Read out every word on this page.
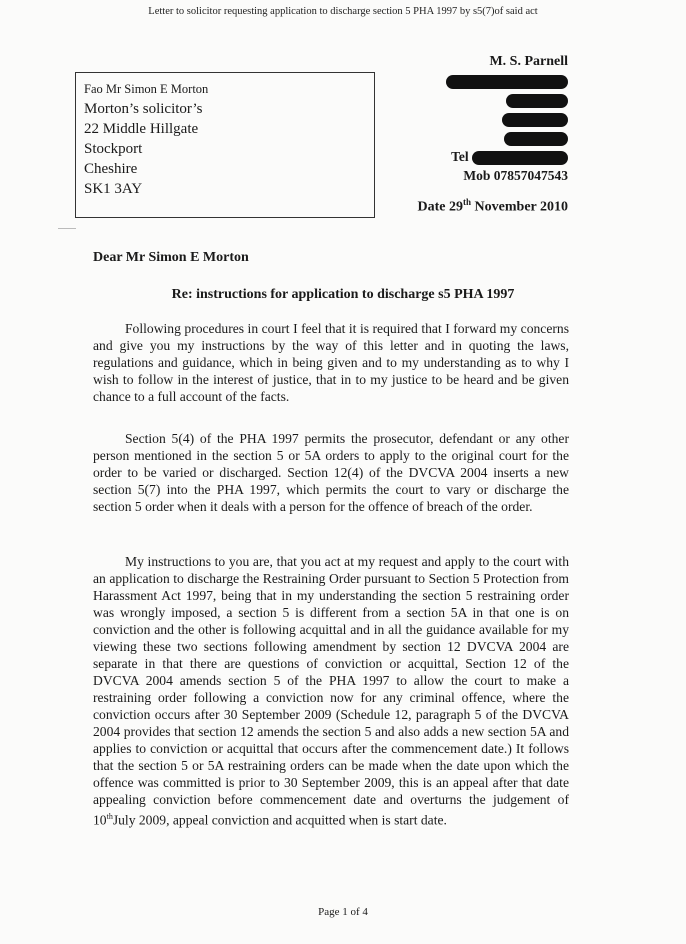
Letter to solicitor requesting application to discharge section 5 PHA 1997 by s5(7)of said act
M. S. Parnell
Tel
Mob 07857047543
Fao Mr Simon E Morton
Morton’s solicitor’s
22 Middle Hillgate
Stockport
Cheshire
SK1 3AY
Date 29th November 2010
Dear Mr Simon E Morton
Re: instructions for application to discharge s5 PHA 1997

Following procedures in court I feel that it is required that I forward my concerns and give you my instructions by the way of this letter and in quoting the laws, regulations and guidance, which in being given and to my understanding as to why I wish to follow in the interest of justice, that in to my justice to be heard and be given chance to a full account of the facts.

Section 5(4) of the PHA 1997 permits the prosecutor, defendant or any other person mentioned in the section 5 or 5A orders to apply to the original court for the order to be varied or discharged. Section 12(4) of the DVCVA 2004 inserts a new section 5(7) into the PHA 1997, which permits the court to vary or discharge the section 5 order when it deals with a person for the offence of breach of the order.

My instructions to you are, that you act at my request and apply to the court with an application to discharge the Restraining Order pursuant to Section 5 Protection from Harassment Act 1997, being that in my understanding the section 5 restraining order was wrongly imposed, a section 5 is different from a section 5A in that one is on conviction and the other is following acquittal and in all the guidance available for my viewing these two sections following amendment by section 12 DVCVA 2004 are separate in that there are questions of conviction or acquittal, Section 12 of the DVCVA 2004 amends section 5 of the PHA 1997 to allow the court to make a restraining order following a conviction now for any criminal offence, where the conviction occurs after 30 September 2009 (Schedule 12, paragraph 5 of the DVCVA 2004 provides that section 12 amends the section 5 and also adds a new section 5A and applies to conviction or acquittal that occurs after the commencement date.) It follows that the section 5 or 5A restraining orders can be made when the date upon which the offence was committed is prior to 30 September 2009, this is an appeal after that date appealing conviction before commencement date and overturns the judgement of 10thJuly 2009, appeal conviction and acquitted when is start date.

Page 1 of 4
